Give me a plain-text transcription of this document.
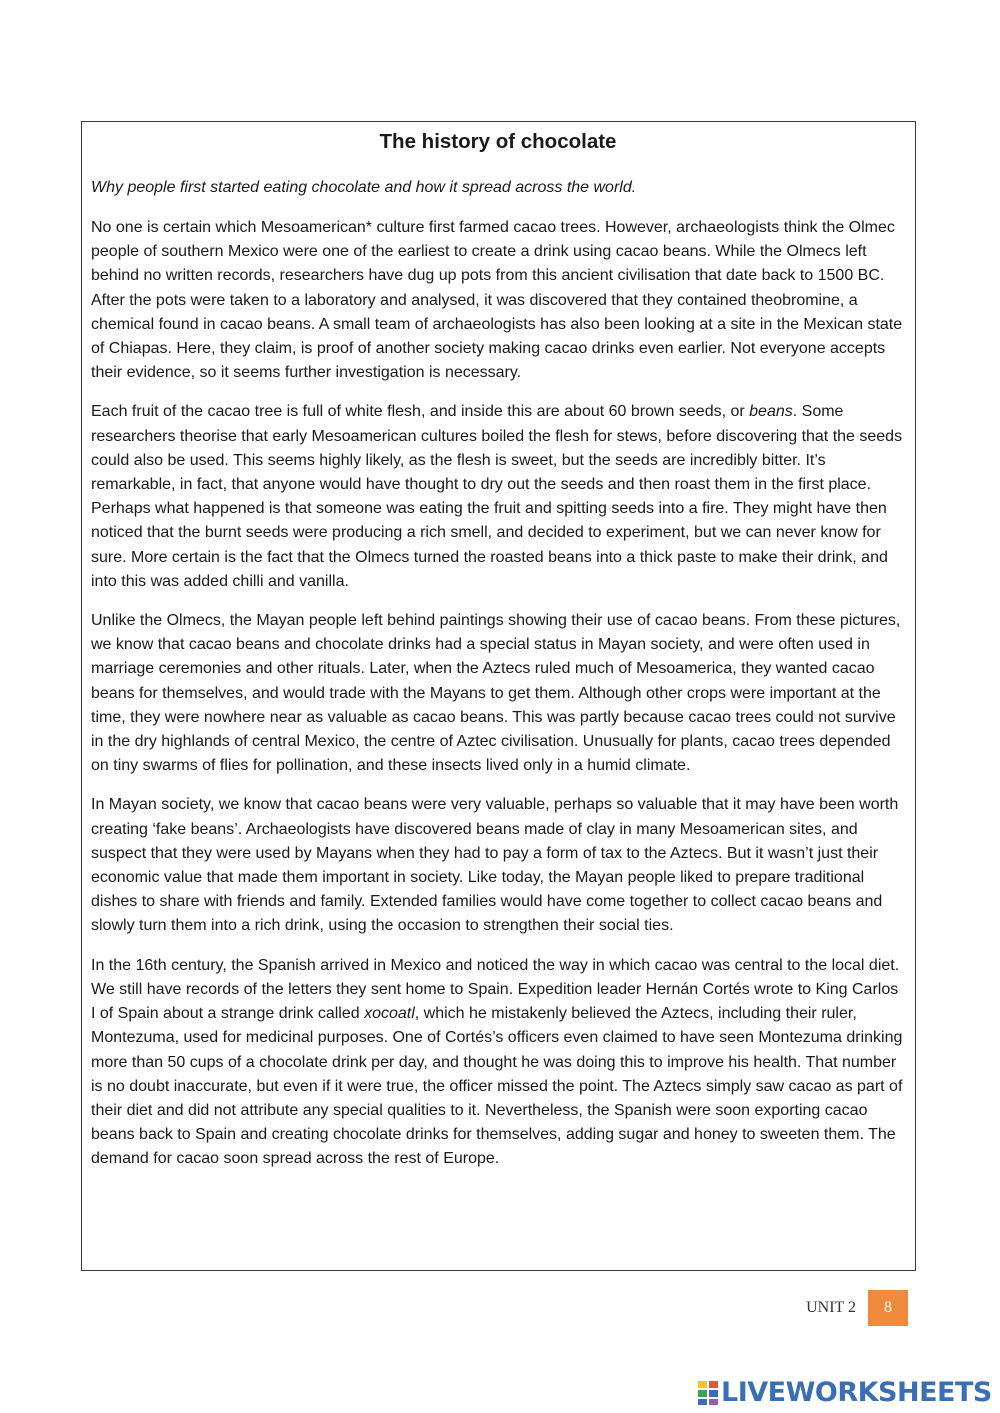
The history of chocolate

Why people first started eating chocolate and how it spread across the world.

No one is certain which Mesoamerican* culture first farmed cacao trees. However, archaeologists think the Olmec people of southern Mexico were one of the earliest to create a drink using cacao beans. While the Olmecs left behind no written records, researchers have dug up pots from this ancient civilisation that date back to 1500 BC. After the pots were taken to a laboratory and analysed, it was discovered that they contained theobromine, a chemical found in cacao beans. A small team of archaeologists has also been looking at a site in the Mexican state of Chiapas. Here, they claim, is proof of another society making cacao drinks even earlier. Not everyone accepts their evidence, so it seems further investigation is necessary.

Each fruit of the cacao tree is full of white flesh, and inside this are about 60 brown seeds, or beans. Some researchers theorise that early Mesoamerican cultures boiled the flesh for stews, before discovering that the seeds could also be used. This seems highly likely, as the flesh is sweet, but the seeds are incredibly bitter. It’s remarkable, in fact, that anyone would have thought to dry out the seeds and then roast them in the first place. Perhaps what happened is that someone was eating the fruit and spitting seeds into a fire. They might have then noticed that the burnt seeds were producing a rich smell, and decided to experiment, but we can never know for sure. More certain is the fact that the Olmecs turned the roasted beans into a thick paste to make their drink, and into this was added chilli and vanilla.

Unlike the Olmecs, the Mayan people left behind paintings showing their use of cacao beans. From these pictures, we know that cacao beans and chocolate drinks had a special status in Mayan society, and were often used in marriage ceremonies and other rituals. Later, when the Aztecs ruled much of Mesoamerica, they wanted cacao beans for themselves, and would trade with the Mayans to get them. Although other crops were important at the time, they were nowhere near as valuable as cacao beans. This was partly because cacao trees could not survive in the dry highlands of central Mexico, the centre of Aztec civilisation. Unusually for plants, cacao trees depended on tiny swarms of flies for pollination, and these insects lived only in a humid climate.

In Mayan society, we know that cacao beans were very valuable, perhaps so valuable that it may have been worth creating ‘fake beans’. Archaeologists have discovered beans made of clay in many Mesoamerican sites, and suspect that they were used by Mayans when they had to pay a form of tax to the Aztecs. But it wasn’t just their economic value that made them important in society. Like today, the Mayan people liked to prepare traditional dishes to share with friends and family. Extended families would have come together to collect cacao beans and slowly turn them into a rich drink, using the occasion to strengthen their social ties.

In the 16th century, the Spanish arrived in Mexico and noticed the way in which cacao was central to the local diet. We still have records of the letters they sent home to Spain. Expedition leader Hernán Cortés wrote to King Carlos I of Spain about a strange drink called xocoatl, which he mistakenly believed the Aztecs, including their ruler, Montezuma, used for medicinal purposes. One of Cortés’s officers even claimed to have seen Montezuma drinking more than 50 cups of a chocolate drink per day, and thought he was doing this to improve his health. That number is no doubt inaccurate, but even if it were true, the officer missed the point. The Aztecs simply saw cacao as part of their diet and did not attribute any special qualities to it. Nevertheless, the Spanish were soon exporting cacao beans back to Spain and creating chocolate drinks for themselves, adding sugar and honey to sweeten them. The demand for cacao soon spread across the rest of Europe.

UNIT 2	8
LIVEWORKSHEETS
